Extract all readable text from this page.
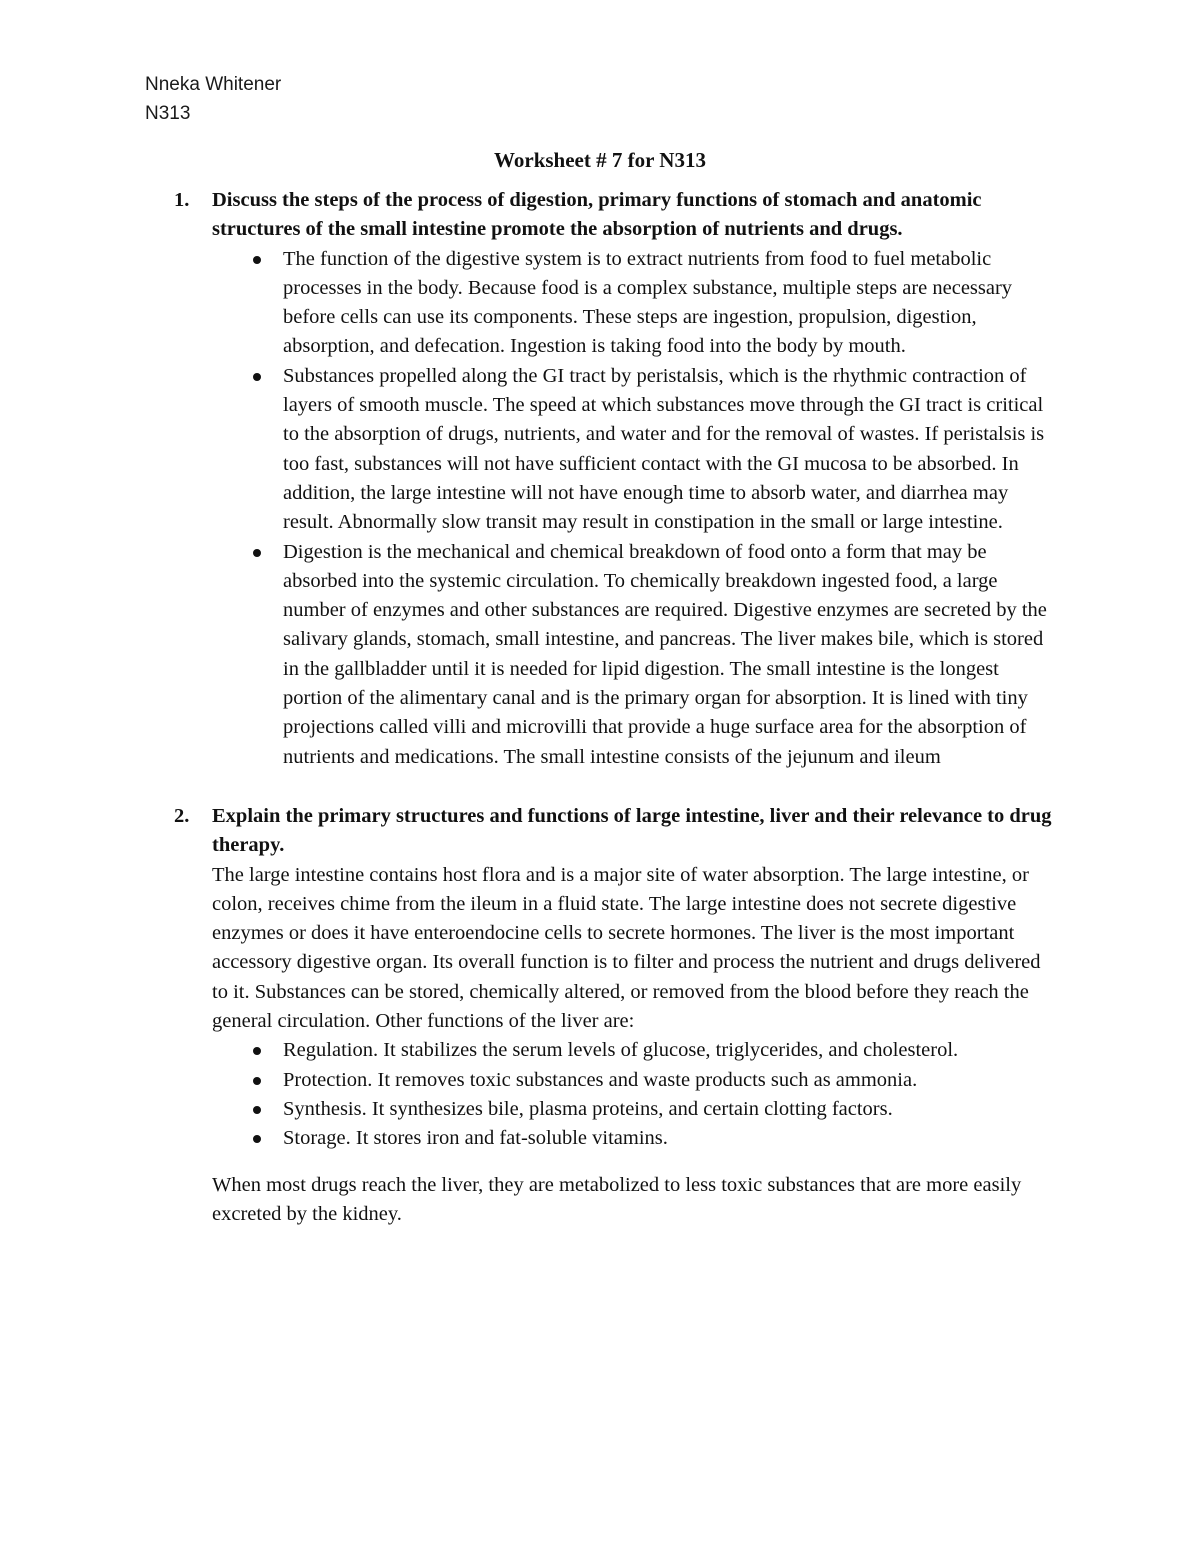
Nneka Whitener
N313
Worksheet # 7 for N313
1. Discuss the steps of the process of digestion, primary functions of stomach and anatomic structures of the small intestine promote the absorption of nutrients and drugs.
The function of the digestive system is to extract nutrients from food to fuel metabolic processes in the body. Because food is a complex substance, multiple steps are necessary before cells can use its components. These steps are ingestion, propulsion, digestion, absorption, and defecation. Ingestion is taking food into the body by mouth.
Substances propelled along the GI tract by peristalsis, which is the rhythmic contraction of layers of smooth muscle. The speed at which substances move through the GI tract is critical to the absorption of drugs, nutrients, and water and for the removal of wastes. If peristalsis is too fast, substances will not have sufficient contact with the GI mucosa to be absorbed. In addition, the large intestine will not have enough time to absorb water, and diarrhea may result. Abnormally slow transit may result in constipation in the small or large intestine.
Digestion is the mechanical and chemical breakdown of food onto a form that may be absorbed into the systemic circulation. To chemically breakdown ingested food, a large number of enzymes and other substances are required. Digestive enzymes are secreted by the salivary glands, stomach, small intestine, and pancreas. The liver makes bile, which is stored in the gallbladder until it is needed for lipid digestion. The small intestine is the longest portion of the alimentary canal and is the primary organ for absorption. It is lined with tiny projections called villi and microvilli that provide a huge surface area for the absorption of nutrients and medications. The small intestine consists of the jejunum and ileum
2. Explain the primary structures and functions of large intestine, liver and their relevance to drug therapy.

The large intestine contains host flora and is a major site of water absorption. The large intestine, or colon, receives chime from the ileum in a fluid state. The large intestine does not secrete digestive enzymes or does it have enteroendocine cells to secrete hormones. The liver is the most important accessory digestive organ. Its overall function is to filter and process the nutrient and drugs delivered to it. Substances can be stored, chemically altered, or removed from the blood before they reach the general circulation. Other functions of the liver are:

Regulation. It stabilizes the serum levels of glucose, triglycerides, and cholesterol.
Protection. It removes toxic substances and waste products such as ammonia.
Synthesis. It synthesizes bile, plasma proteins, and certain clotting factors.
Storage. It stores iron and fat-soluble vitamins.

When most drugs reach the liver, they are metabolized to less toxic substances that are more easily excreted by the kidney.
